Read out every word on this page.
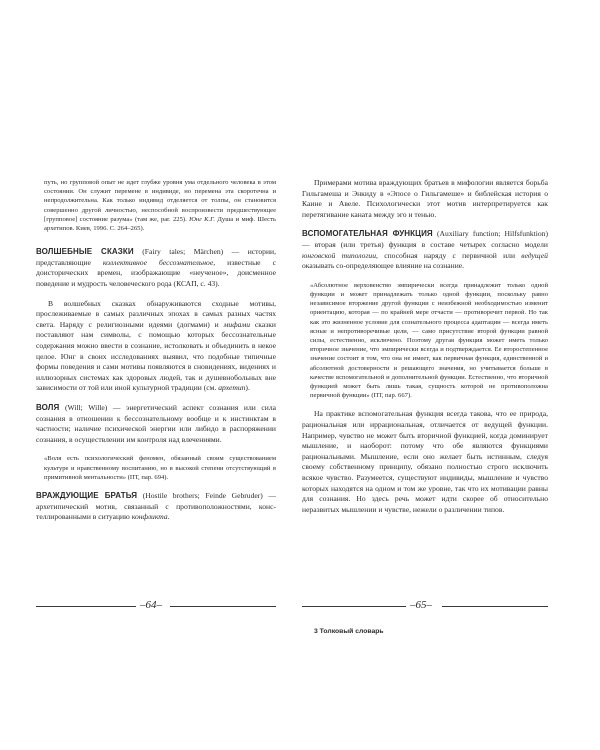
путь, но групповой опыт не идет глубже уровня ума отдельного человека в этом состоянии. Он служит перемене в индивиде, но перемена эта скоротечна и непродолжительна. Как только индивид отделяется от толпы, он становится совершенно другой личностью, неспособной воспроизвести предшествующее [групповое] состояние разума» (там же, par. 225). Юнг К.Г. Душа и миф. Шесть архетипов. Киев, 1996. С. 264–265).

ВОЛШЕБНЫЕ СКАЗКИ (Fairy tales; Märchen) — истории, представляющие коллективное бессознательное, известные с доисторических времен, изображающие «неученое», доисменное поведение и мудрость человеческого рода (КСАП, с. 43).

В волшебных сказках обнаруживаются сходные мотивы, прослеживаемые в самых различных эпохах в самых разных частях света. Наряду с религиозными идеями (догмами) и мифами сказки поставляют нам символы, с помощью которых бессознательные содержания можно ввести в сознание, истолковать и объединить в некое целое. Юнг в своих исследованиях выявил, что подобные типичные формы поведения и сами мотивы появляются в сновидениях, видениях и иллюзорных системах как здоровых людей, так и душевнобольных вне зависимости от той или иной культурной традиции (см. архетип).

ВОЛЯ (Will; Wille) — энергетический аспект сознания или сила сознания в отношении к бессознательному вообще и к инстинктам в частности; наличие психической энергии или либидо в распоряжении сознания, в осуществлении им контроля над влечениями.

«Воля есть психологический феномен, обязанный своим существованием культуре и нравственному воспитанию, но в высокой степени отсутствующий в примитивной ментальности» (ПТ, пар. 694).

ВРАЖДУЮЩИЕ БРАТЬЯ (Hostile brothers; Feinde Gebruder) — архетипический мотив, связанный с противоположностями, констеллированными в ситуацию конфликта.

–64–

Примерами мотива враждующих братьев в мифологии является борьба Гильгамеша и Энкиду в «Эпосе о Гильгамеше» и библейская история о Каине и Авеле. Психологически этот мотив интерпретируется как перетягивание каната между эго и тенью.

ВСПОМОГАТЕЛЬНАЯ ФУНКЦИЯ (Auxiliary function; Hilfsfunktion) — вторая (или третья) функция в составе четырех согласно модели юнговской типологии, способная наряду с первичной или ведущей оказывать со-определяющее влияние на сознание.

«Абсолютное верховенство эмпирически всегда принадлежит только одной функции и может принадлежать только одной функции, поскольку равно независимое вторжение другой функции с неизбежной необходимостью изменит ориентацию, которая — по крайней мере отчасти — противоречит первой. Но так как это жизненное условие для сознательного процесса адаптации — всегда иметь ясные и непротиворечивые цели, — само присутствие второй функции равной силы, естественно, исключено. Поэтому другая функция может иметь только вторичное значение, что эмпирически всегда и подтверждается. Ее второстепенное значение состоит в том, что она не имеет, как первичная функция, единственной и абсолютной достоверности и решающего значения, но учитывается больше в качестве вспомогательной и дополнительной функции. Естественно, что вторичной функцией может быть лишь такая, сущность которой не противоположна первичной функции» (ПТ, пар. 667).

На практике вспомогательная функция всегда такова, что ее природа, рациональная или иррациональная, отличается от ведущей функции. Например, чувство не может быть вторичной функцией, когда доминирует мышление, и наоборот: потому что обе являются функциями рациональными. Мышление, если оно желает быть истинным, следуя своему собственному принципу, обязано полностью строго исключить всякое чувство. Разумеется, существуют индивиды, мышление и чувство которых находятся на одном и том же уровне, так что их мотивации равны для сознания. Но здесь речь может идти скорее об относительно неразвитых мышлении и чувстве, нежели о различении типов.

–65–
3 Толковый словарь
